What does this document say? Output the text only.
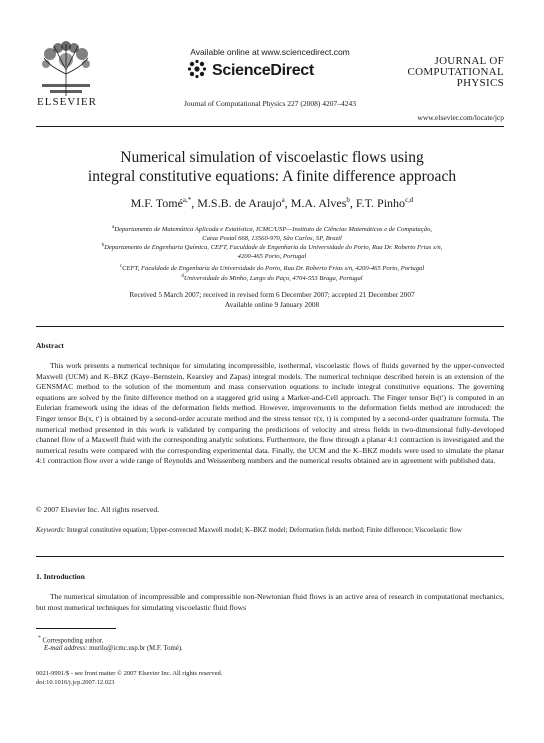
ELSEVIER
Available online at www.sciencedirect.com
ScienceDirect
Journal of Computational Physics 227 (2008) 4207–4243
JOURNAL OF
COMPUTATIONAL
PHYSICS
www.elsevier.com/locate/jcp
Numerical simulation of viscoelastic flows using
integral constitutive equations: A finite difference approach
M.F. Tomé$^{a,*}$, M.S.B. de Araujo$^a$, M.A. Alves$^b$, F.T. Pinho$^{c,d}$
$^a$Departamento de Matemática Aplicada e Estatística, ICMC/USP—Instituto de Ciências Matemáticas e de Computação,
Caixa Postal 668, 13560-970, São Carlos, SP, Brazil
$^b$Departamento de Engenharia Química, CEFT, Faculdade de Engenharia da Universidade do Porto, Rua Dr. Roberto Frias s/n,
4200-465 Porto, Portugal
$^c$CEFT, Faculdade de Engenharia da Universidade do Porto, Rua Dr. Roberto Frias s/n, 4200-465 Porto, Portugal
$^d$Universidade do Minho, Largo do Paço, 4704-553 Braga, Portugal
Received 5 March 2007; received in revised form 6 December 2007; accepted 21 December 2007
Available online 9 January 2008
Abstract
This work presents a numerical technique for simulating incompressible, isothermal, viscoelastic flows of fluids governed by the upper-convected Maxwell (UCM) and K–BKZ (Kaye–Bernstein, Kearsley and Zapas) integral models. The numerical technique described herein is an extension of the GENSMAC method to the solution of the momentum and mass conservation equations to include integral constitutive equations. The governing equations are solved by the finite difference method on a staggered grid using a Marker-and-Cell approach. The Finger tensor Bₜ(t′) is computed in an Eulerian framework using the ideas of the deformation fields method. However, improvements to the deformation fields method are introduced: the Finger tensor Bₜ(x, t′) is obtained by a second-order accurate method and the stress tensor τ(x, t) is computed by a second-order quadrature formula. The numerical method presented in this work is validated by comparing the predictions of velocity and stress fields in two-dimensional fully-developed channel flow of a Maxwell fluid with the corresponding analytic solutions. Furthermore, the flow through a planar 4:1 contraction is investigated and the numerical results were compared with the corresponding experimental data. Finally, the UCM and the K–BKZ models were used to simulate the planar 4:1 contraction flow over a wide range of Reynolds and Weissenberg numbers and the numerical results obtained are in agreement with published data.
© 2007 Elsevier Inc. All rights reserved.
Keywords: Integral constitutive equation; Upper-convected Maxwell model; K–BKZ model; Deformation fields method; Finite difference; Viscoelastic flow
1. Introduction
The numerical simulation of incompressible and compressible non-Newtonian fluid flows is an active area of research in computational mechanics, but most numerical techniques for simulating viscoelastic fluid flows
* Corresponding author.
E-mail address: murilo@icmc.usp.br (M.F. Tomé).
0021-9991/$ - see front matter © 2007 Elsevier Inc. All rights reserved.
doi:10.1016/j.jcp.2007.12.023
